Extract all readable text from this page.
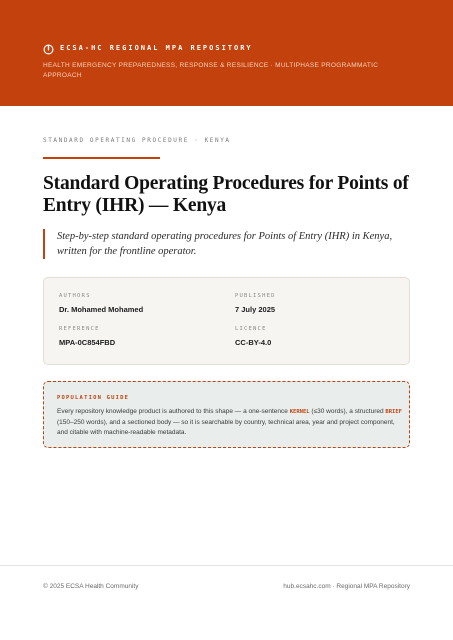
ECSA-HC REGIONAL MPA REPOSITORY
HEALTH EMERGENCY PREPAREDNESS, RESPONSE & RESILIENCE · MULTIPHASE PROGRAMMATIC APPROACH
STANDARD OPERATING PROCEDURE · KENYA
Standard Operating Procedures for Points of Entry (IHR) — Kenya

Step-by-step standard operating procedures for Points of Entry (IHR) in Kenya, written for the frontline operator.

AUTHORS
Dr. Mohamed Mohamed
PUBLISHED
7 July 2025
REFERENCE
MPA-0C854FBD
LICENCE
CC-BY-4.0
POPULATION GUIDE

Every repository knowledge product is authored to this shape — a one-sentence KERNEL (≤30 words), a structured BRIEF (150–250 words), and a sectioned body — so it is searchable by country, technical area, year and project component, and citable with machine-readable metadata.

© 2025 ECSA Health Community	hub.ecsahc.com · Regional MPA Repository
